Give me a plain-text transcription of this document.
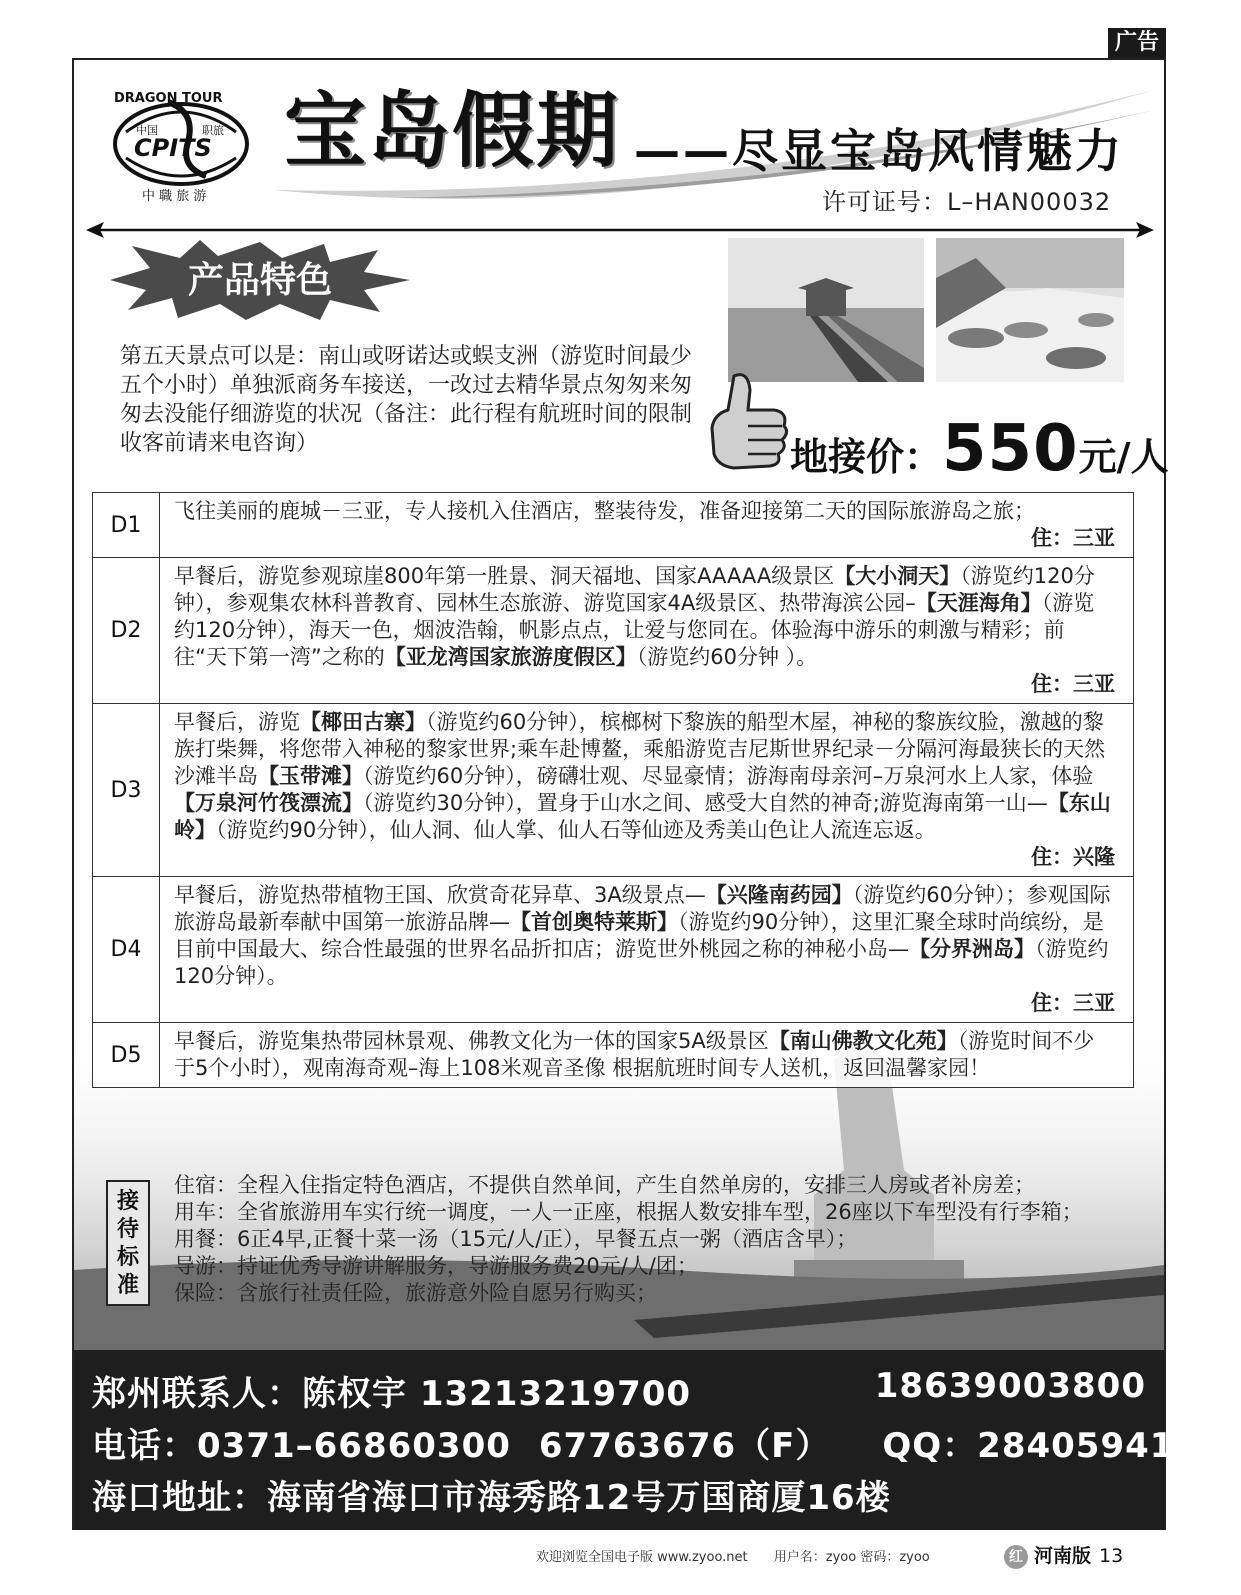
广告
DRAGON TOUR
中国	职旅
CPITS
中 職 旅 游
宝岛假期 ——尽显宝岛风情魅力
许可证号：L–HAN00032
产品特色
第五天景点可以是：南山或呀诺达或蜈支洲（游览时间最少五个小时）单独派商务车接送，一改过去精华景点匆匆来匆匆去没能仔细游览的状况（备注：此行程有航班时间的限制收客前请来电咨询）	地接价：550元/人
D1	飞往美丽的鹿城－三亚，专人接机入住酒店，整装待发，准备迎接第二天的国际旅游岛之旅；
住：三亚

D2	早餐后，游览参观琼崖800年第一胜景、洞天福地、国家AAAAA级景区【大小洞天】（游览约120分钟），参观集农林科普教育、园林生态旅游、游览国家4A级景区、热带海滨公园–【天涯海角】（游览约120分钟），海天一色，烟波浩翰，帆影点点，让爱与您同在。体验海中游乐的刺激与精彩；前往“天下第一湾”之称的【亚龙湾国家旅游度假区】（游览约60分钟 ）。
住：三亚

D3	早餐后，游览【椰田古寨】（游览约60分钟），槟榔树下黎族的船型木屋，神秘的黎族纹脸，激越的黎族打柴舞，将您带入神秘的黎家世界;乘车赴博鳌，乘船游览吉尼斯世界纪录－分隔河海最狭长的天然沙滩半岛【玉带滩】（游览约60分钟），磅礴壮观、尽显豪情；游海南母亲河–万泉河水上人家，体验【万泉河竹筏漂流】（游览约30分钟），置身于山水之间、感受大自然的神奇;游览海南第一山—【东山岭】（游览约90分钟），仙人洞、仙人掌、仙人石等仙迹及秀美山色让人流连忘返。
住：兴隆

D4	早餐后，游览热带植物王国、欣赏奇花异草、3A级景点—【兴隆南药园】（游览约60分钟）；参观国际旅游岛最新奉献中国第一旅游品牌—【首创奥特莱斯】（游览约90分钟），这里汇聚全球时尚缤纷，是目前中国最大、综合性最强的世界名品折扣店；游览世外桃园之称的神秘小岛—【分界洲岛】（游览约120分钟）。
住：三亚

D5	早餐后，游览集热带园林景观、佛教文化为一体的国家5A级景区【南山佛教文化苑】（游览时间不少于5个小时），观南海奇观–海上108米观音圣像 根据航班时间专人送机，返回温馨家园！
接待标准
住宿：全程入住指定特色酒店，不提供自然单间，产生自然单房的，安排三人房或者补房差；
用车：全省旅游用车实行统一调度，一人一正座，根据人数安排车型，26座以下车型没有行李箱；
用餐：6正4早,正餐十菜一汤（15元/人/正），早餐五点一粥（酒店含早）；
导游：持证优秀导游讲解服务，导游服务费20元/人/团；
保险：含旅行社责任险，旅游意外险自愿另行购买；
郑州联系人：陈权宇 13213219700	18639003800
电话：0371–66860300 67763676（F） QQ：284059410
海口地址：海南省海口市海秀路12号万国商厦16楼
欢迎浏览全国电子版 www.zyoo.net 用户名：zyoo 密码：zyoo	红 河南版 13
